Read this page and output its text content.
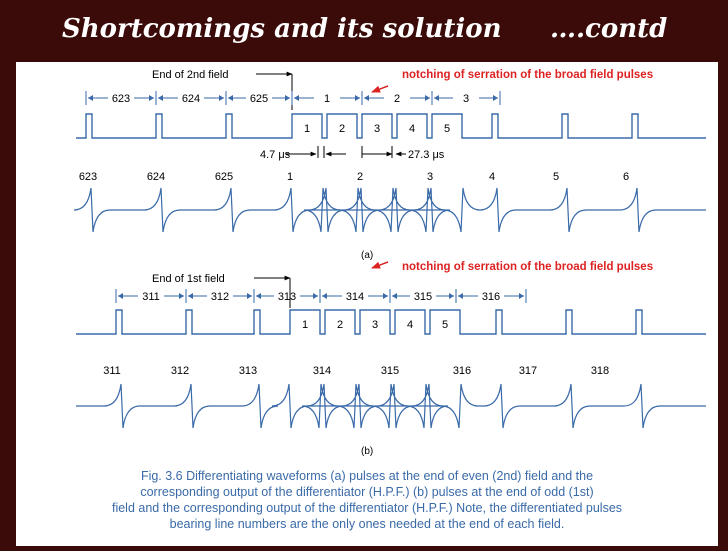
Shortcomings and its solution ….contd
End of 2nd field	notching of serration of the broad field pulses
623	624	625	1	2	3
1	2	3	4	5
4.7 μs	27.3 μs
623	624	625	1	2	3	4	5	6
(a)
End of 1st field
notching of serration of the broad field pulses
311	312	313	314	315	316
1	2	3	4	5
311	312	313	314	315	316	317	318
(b)
Fig. 3.6 Differentiating waveforms (a) pulses at the end of even (2nd) field and the
corresponding output of the differentiator (H.P.F.) (b) pulses at the end of odd (1st)
field and the corresponding output of the differentiator (H.P.F.) Note, the differentiated pulses
bearing line numbers are the only ones needed at the end of each field.
